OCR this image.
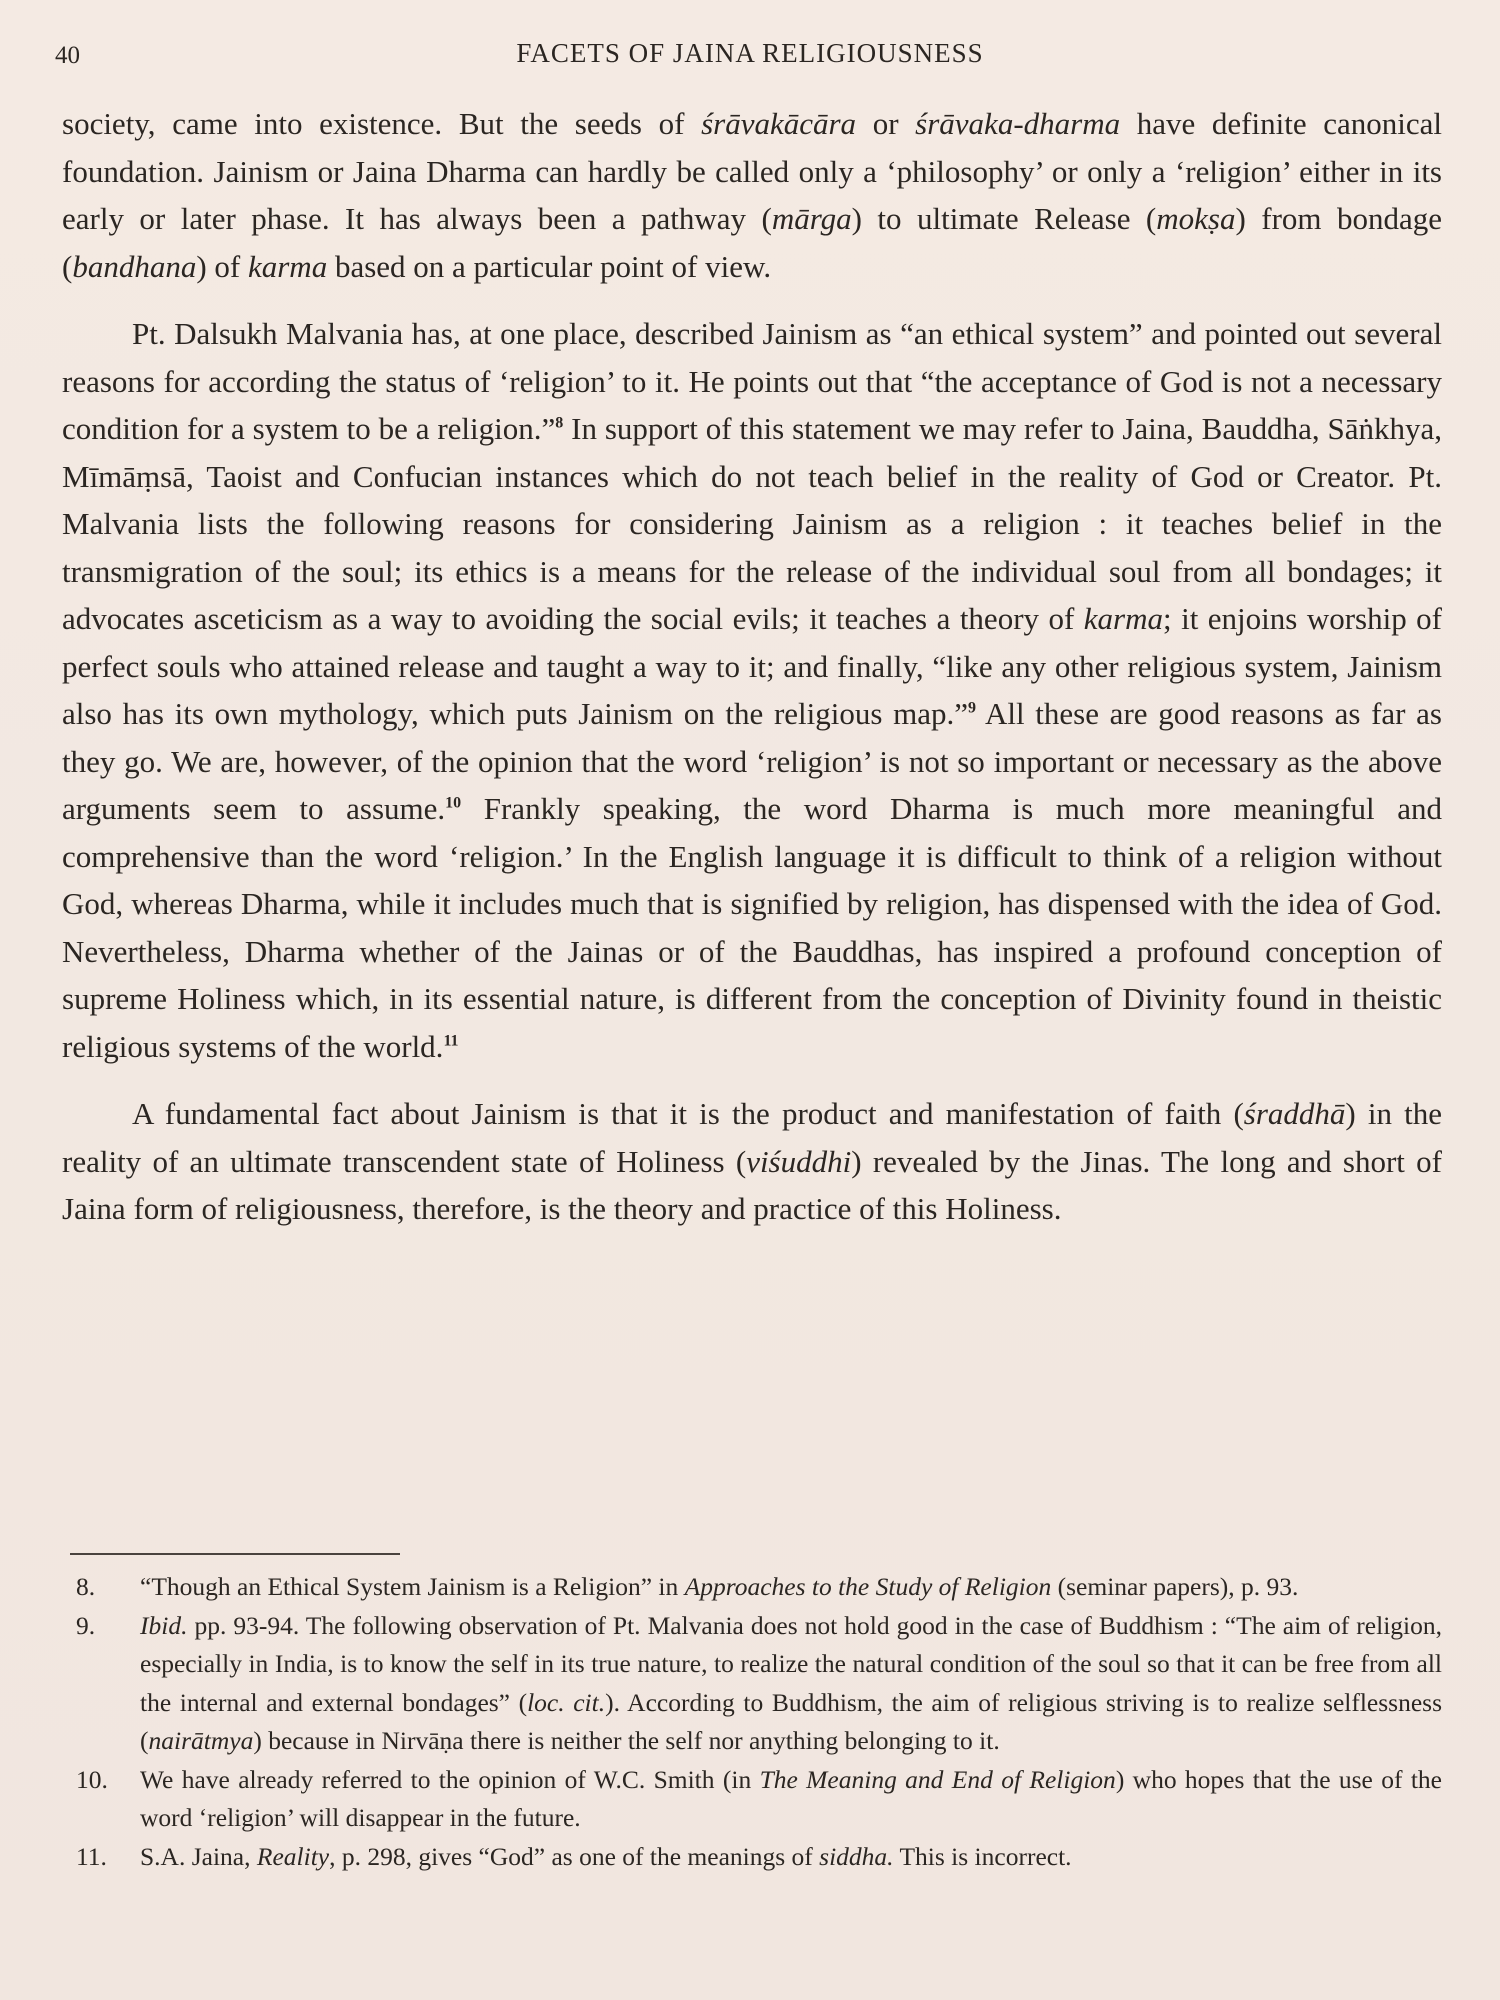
40	FACETS OF JAINA RELIGIOUSNESS

society, came into existence. But the seeds of śrāvakācāra or śrāvaka-dharma have definite canonical foundation. Jainism or Jaina Dharma can hardly be called only a ‘philosophy’ or only a ‘religion’ either in its early or later phase. It has always been a pathway (mārga) to ultimate Release (mokṣa) from bondage (bandhana) of karma based on a particular point of view.

Pt. Dalsukh Malvania has, at one place, described Jainism as “an ethical system” and pointed out several reasons for according the status of ‘religion’ to it. He points out that “the acceptance of God is not a necessary condition for a system to be a religion.”$^8$ In support of this statement we may refer to Jaina, Bauddha, Sāṅkhya, Mīmāṃsā, Taoist and Confucian instances which do not teach belief in the reality of God or Creator. Pt. Malvania lists the following reasons for considering Jainism as a religion : it teaches belief in the transmigration of the soul; its ethics is a means for the release of the individual soul from all bondages; it advocates asceticism as a way to avoiding the social evils; it teaches a theory of karma; it enjoins worship of perfect souls who attained release and taught a way to it; and finally, “like any other religious system, Jainism also has its own mythology, which puts Jainism on the religious map.”$^9$ All these are good reasons as far as they go. We are, however, of the opinion that the word ‘religion’ is not so important or necessary as the above arguments seem to assume.$^{10}$ Frankly speaking, the word Dharma is much more meaningful and comprehensive than the word ‘religion.’ In the English language it is difficult to think of a religion without God, whereas Dharma, while it includes much that is signified by religion, has dispensed with the idea of God. Nevertheless, Dharma whether of the Jainas or of the Bauddhas, has inspired a profound conception of supreme Holiness which, in its essential nature, is different from the conception of Divinity found in theistic religious systems of the world.$^{11}$

A fundamental fact about Jainism is that it is the product and manifestation of faith (śraddhā) in the reality of an ultimate transcendent state of Holiness (viśuddhi) revealed by the Jinas. The long and short of Jaina form of religiousness, therefore, is the theory and practice of this Holiness.

8.	“Though an Ethical System Jainism is a Religion” in Approaches to the Study of Religion (seminar papers), p. 93.
9.	Ibid. pp. 93-94. The following observation of Pt. Malvania does not hold good in the case of Buddhism : “The aim of religion, especially in India, is to know the self in its true nature, to realize the natural condition of the soul so that it can be free from all the internal and external bondages” (loc. cit.). According to Buddhism, the aim of religious striving is to realize selflessness (nairātmya) because in Nirvāṇa there is neither the self nor anything belonging to it.
10.	We have already referred to the opinion of W.C. Smith (in The Meaning and End of Religion) who hopes that the use of the word ‘religion’ will disappear in the future.
11.	S.A. Jaina, Reality, p. 298, gives “God” as one of the meanings of siddha. This is incorrect.
